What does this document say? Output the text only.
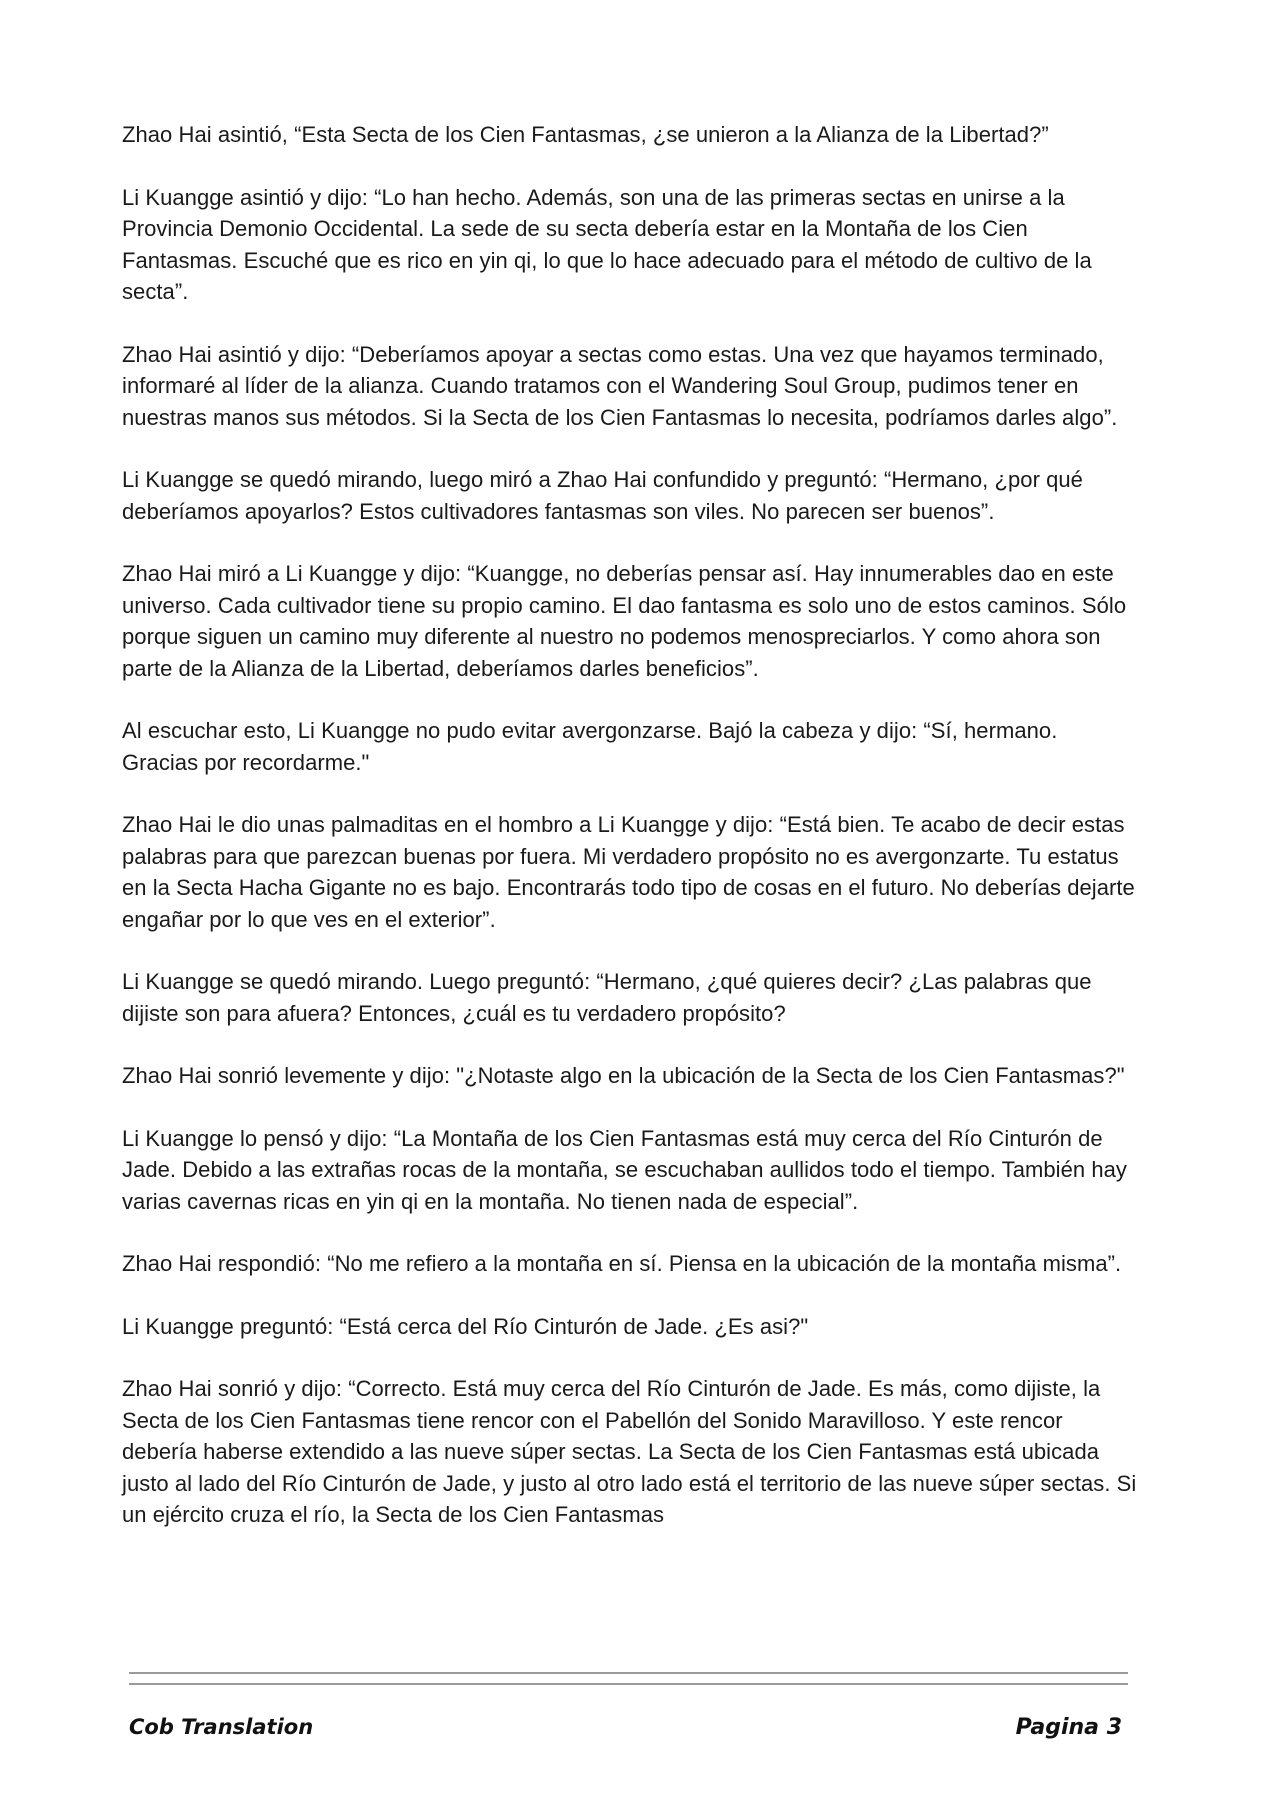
Zhao Hai asintió, “Esta Secta de los Cien Fantasmas, ¿se unieron a la Alianza de la Libertad?”

Li Kuangge asintió y dijo: “Lo han hecho. Además, son una de las primeras sectas en unirse a la Provincia Demonio Occidental. La sede de su secta debería estar en la Montaña de los Cien Fantasmas. Escuché que es rico en yin qi, lo que lo hace adecuado para el método de cultivo de la secta”.

Zhao Hai asintió y dijo: “Deberíamos apoyar a sectas como estas. Una vez que hayamos terminado, informaré al líder de la alianza. Cuando tratamos con el Wandering Soul Group, pudimos tener en nuestras manos sus métodos. Si la Secta de los Cien Fantasmas lo necesita, podríamos darles algo”.

Li Kuangge se quedó mirando, luego miró a Zhao Hai confundido y preguntó: “Hermano, ¿por qué deberíamos apoyarlos? Estos cultivadores fantasmas son viles. No parecen ser buenos”.

Zhao Hai miró a Li Kuangge y dijo: “Kuangge, no deberías pensar así. Hay innumerables dao en este universo. Cada cultivador tiene su propio camino. El dao fantasma es solo uno de estos caminos. Sólo porque siguen un camino muy diferente al nuestro no podemos menospreciarlos. Y como ahora son parte de la Alianza de la Libertad, deberíamos darles beneficios”.

Al escuchar esto, Li Kuangge no pudo evitar avergonzarse. Bajó la cabeza y dijo: “Sí, hermano. Gracias por recordarme."

Zhao Hai le dio unas palmaditas en el hombro a Li Kuangge y dijo: “Está bien. Te acabo de decir estas palabras para que parezcan buenas por fuera. Mi verdadero propósito no es avergonzarte. Tu estatus en la Secta Hacha Gigante no es bajo. Encontrarás todo tipo de cosas en el futuro. No deberías dejarte engañar por lo que ves en el exterior”.

Li Kuangge se quedó mirando. Luego preguntó: “Hermano, ¿qué quieres decir? ¿Las palabras que dijiste son para afuera? Entonces, ¿cuál es tu verdadero propósito?

Zhao Hai sonrió levemente y dijo: "¿Notaste algo en la ubicación de la Secta de los Cien Fantasmas?"

Li Kuangge lo pensó y dijo: “La Montaña de los Cien Fantasmas está muy cerca del Río Cinturón de Jade. Debido a las extrañas rocas de la montaña, se escuchaban aullidos todo el tiempo. También hay varias cavernas ricas en yin qi en la montaña. No tienen nada de especial”.

Zhao Hai respondió: “No me refiero a la montaña en sí. Piensa en la ubicación de la montaña misma”.

Li Kuangge preguntó: “Está cerca del Río Cinturón de Jade. ¿Es asi?"

Zhao Hai sonrió y dijo: “Correcto. Está muy cerca del Río Cinturón de Jade. Es más, como dijiste, la Secta de los Cien Fantasmas tiene rencor con el Pabellón del Sonido Maravilloso. Y este rencor debería haberse extendido a las nueve súper sectas. La Secta de los Cien Fantasmas está ubicada justo al lado del Río Cinturón de Jade, y justo al otro lado está el territorio de las nueve súper sectas. Si un ejército cruza el río, la Secta de los Cien Fantasmas

Cob Translation	Pagina 3
